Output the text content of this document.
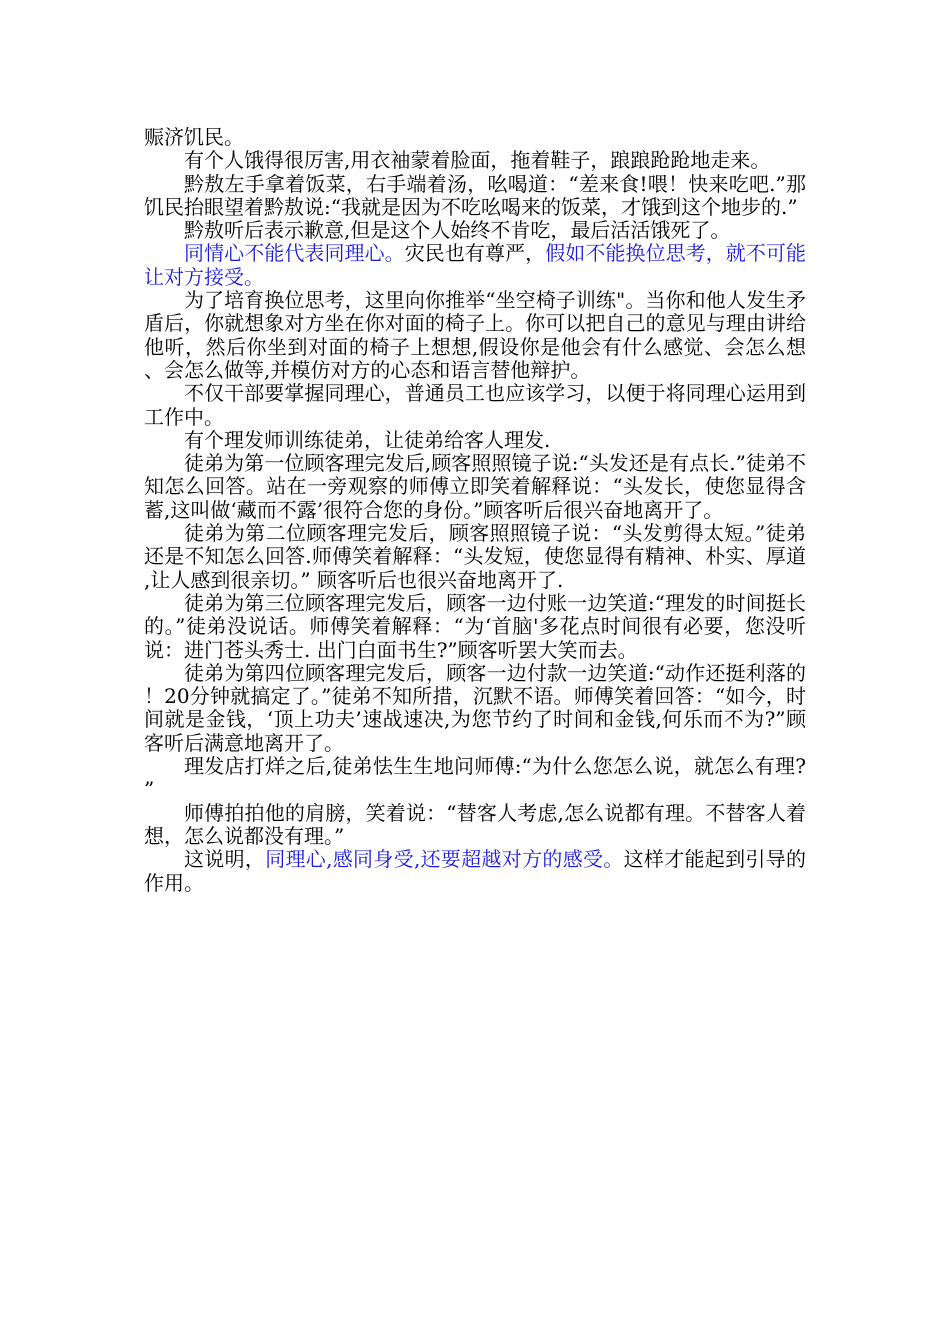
赈济饥民。

有个人饿得很厉害,用衣袖蒙着脸面，拖着鞋子，踉踉跄跄地走来。

黔敖左手拿着饭菜，右手端着汤，吆喝道：“差来食!喂！快来吃吧.”那饥民抬眼望着黔敖说:“我就是因为不吃吆喝来的饭菜，才饿到这个地步的.”

黔敖听后表示歉意,但是这个人始终不肯吃，最后活活饿死了。

同情心不能代表同理心。灾民也有尊严，假如不能换位思考，就不可能让对方接受。

为了培育换位思考，这里向你推举“坐空椅子训练"。当你和他人发生矛盾后，你就想象对方坐在你对面的椅子上。你可以把自己的意见与理由讲给他听，然后你坐到对面的椅子上想想,假设你是他会有什么感觉、会怎么想、会怎么做等,并模仿对方的心态和语言替他辩护。

不仅干部要掌握同理心，普通员工也应该学习，以便于将同理心运用到工作中。

有个理发师训练徒弟，让徒弟给客人理发.

徒弟为第一位顾客理完发后,顾客照照镜子说:“头发还是有点长.”徒弟不知怎么回答。站在一旁观察的师傅立即笑着解释说：“头发长，使您显得含蓄,这叫做‘藏而不露’很符合您的身份。”顾客听后很兴奋地离开了。

徒弟为第二位顾客理完发后，顾客照照镜子说：“头发剪得太短。”徒弟还是不知怎么回答.师傅笑着解释：“头发短，使您显得有精神、朴实、厚道,让人感到很亲切。” 顾客听后也很兴奋地离开了.

徒弟为第三位顾客理完发后，顾客一边付账一边笑道:“理发的时间挺长的。”徒弟没说话。师傅笑着解释：“为‘首脑'多花点时间很有必要，您没听说：进门苍头秀士. 出门白面书生?”顾客听罢大笑而去。

徒弟为第四位顾客理完发后，顾客一边付款一边笑道:“动作还挺利落的！20分钟就搞定了。”徒弟不知所措，沉默不语。师傅笑着回答：“如今，时间就是金钱，‘顶上功夫’速战速决,为您节约了时间和金钱,何乐而不为?”顾客听后满意地离开了。

理发店打烊之后,徒弟怯生生地问师傅:“为什么您怎么说，就怎么有理?”

师傅拍拍他的肩膀，笑着说：“替客人考虑,怎么说都有理。不替客人着想，怎么说都没有理。”

这说明，同理心,感同身受,还要超越对方的感受。这样才能起到引导的作用。
